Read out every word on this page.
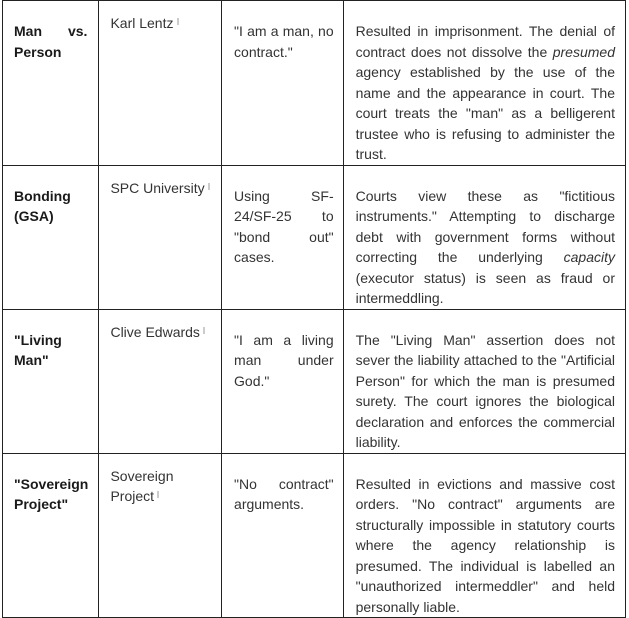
Man vs. Person	Karl Lentz	"I am a man, no contract."	Resulted in imprisonment. The denial of contract does not dissolve the presumed agency established by the use of the name and the appearance in court. The court treats the "man" as a belligerent trustee who is refusing to administer the trust.

Bonding (GSA)	SPC University	Using SF-24/SF-25 to "bond out" cases.	Courts view these as "fictitious instruments." Attempting to discharge debt with government forms without correcting the underlying capacity (executor status) is seen as fraud or intermeddling.

"Living Man"	Clive Edwards	"I am a living man under God."	The "Living Man" assertion does not sever the liability attached to the "Artificial Person" for which the man is presumed surety. The court ignores the biological declaration and enforces the commercial liability.

"Sovereign Project"	Sovereign Project	"No contract" arguments.	Resulted in evictions and massive cost orders. "No contract" arguments are structurally impossible in statutory courts where the agency relationship is presumed. The individual is labelled an "unauthorized intermeddler" and held personally liable.
